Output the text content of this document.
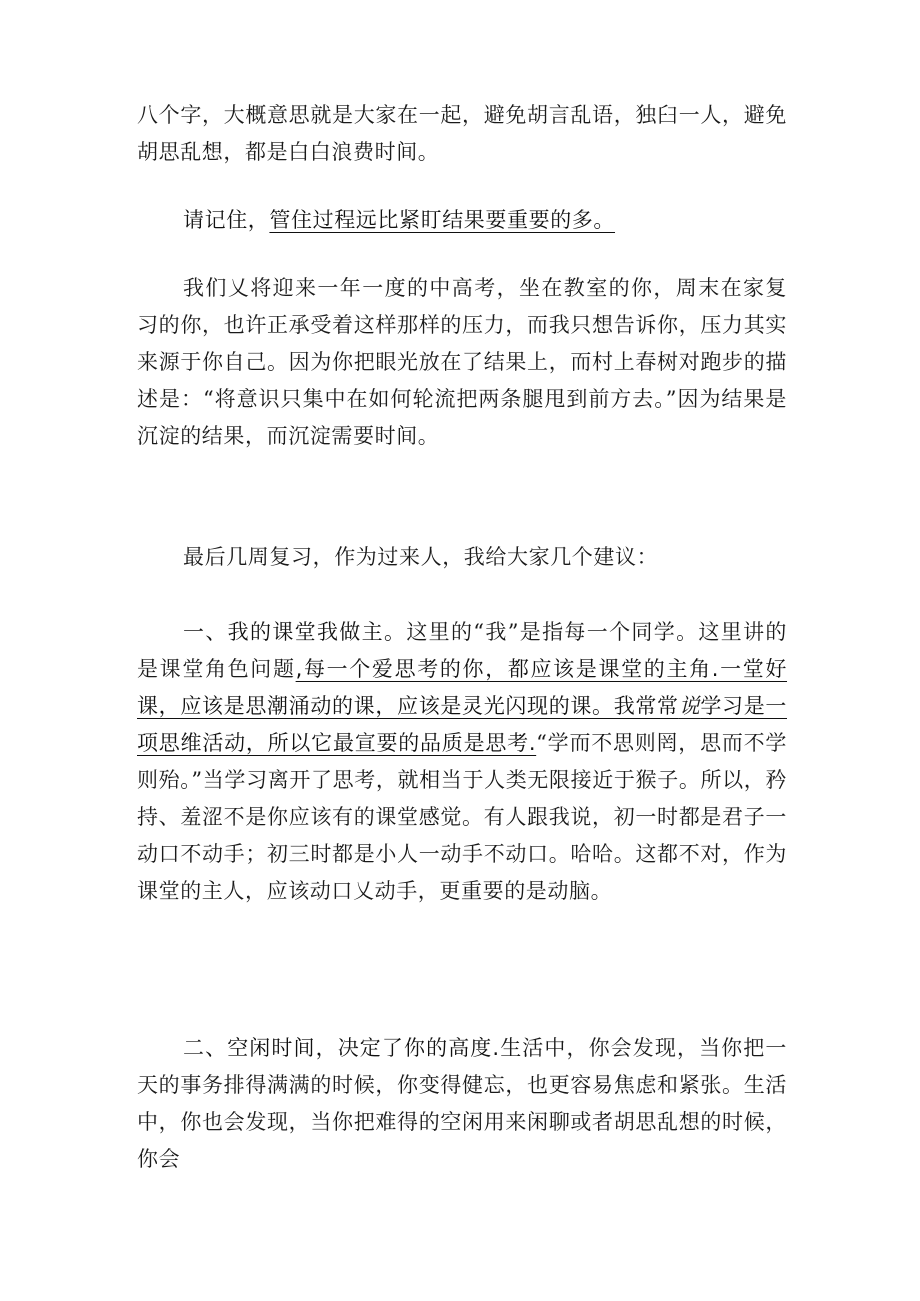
八个字，大概意思就是大家在一起，避免胡言乱语，独臼一人，避免胡思乱想，都是白白浪费时间。

请记住，管住过程远比紧盯结果要重要的多。

我们乂将迎来一年一度的中高考，坐在教室的你，周末在家复习的你，也许正承受着这样那样的压力，而我只想告诉你，压力其实来源于你自己。因为你把眼光放在了结果上，而村上春树对跑步的描述是：“将意识只集中在如何轮流把两条腿甩到前方去。”因为结果是沉淀的结果，而沉淀需要时间。

最后几周复习，作为过来人，我给大家几个建议：

一、我的课堂我做主。这里的“我”是指每一个同学。这里讲的是课堂角色问题,每一个爱思考的你，都应该是课堂的主角.一堂好课，应该是思潮涌动的课，应该是灵光闪现的课。我常常说学习是一项思维活动，所以它最宣要的品质是思考.“学而不思则罔，思而不学则殆。”当学习离开了思考，就相当于人类无限接近于猴子。所以，矜持、羞涩不是你应该有的课堂感觉。有人跟我说，初一时都是君子一动口不动手；初三时都是小人一动手不动口。哈哈。这都不对，作为课堂的主人，应该动口乂动手，更重要的是动脑。

二、空闲时间，决定了你的高度.生活中，你会发现，当你把一天的事务排得满满的时候，你变得健忘，也更容易焦虑和紧张。生活中，你也会发现，当你把难得的空闲用来闲聊或者胡思乱想的时候，你会
